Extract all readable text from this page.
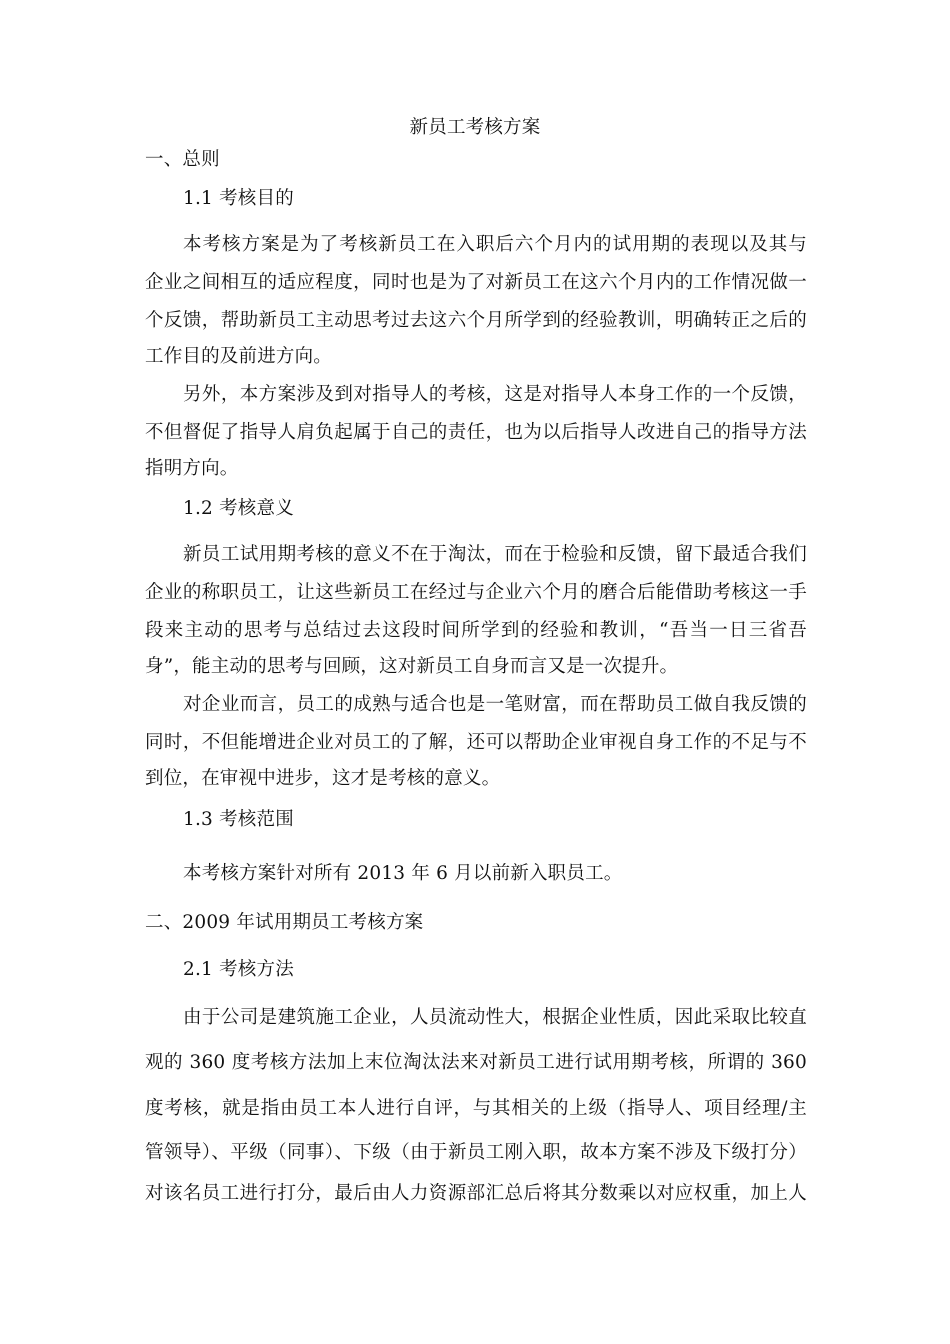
新员工考核方案
一、总则
1.1 考核目的
本考核方案是为了考核新员工在入职后六个月内的试用期的表现以及其与
企业之间相互的适应程度，同时也是为了对新员工在这六个月内的工作情况做一
个反馈，帮助新员工主动思考过去这六个月所学到的经验教训，明确转正之后的
工作目的及前进方向。
另外，本方案涉及到对指导人的考核，这是对指导人本身工作的一个反馈，
不但督促了指导人肩负起属于自己的责任，也为以后指导人改进自己的指导方法
指明方向。
1.2 考核意义
新员工试用期考核的意义不在于淘汰，而在于检验和反馈，留下最适合我们
企业的称职员工，让这些新员工在经过与企业六个月的磨合后能借助考核这一手
段来主动的思考与总结过去这段时间所学到的经验和教训，“吾当一日三省吾
身”，能主动的思考与回顾，这对新员工自身而言又是一次提升。
对企业而言，员工的成熟与适合也是一笔财富，而在帮助员工做自我反馈的
同时，不但能增进企业对员工的了解，还可以帮助企业审视自身工作的不足与不
到位，在审视中进步，这才是考核的意义。
1.3 考核范围
本考核方案针对所有 2013 年 6 月以前新入职员工。
二、2009 年试用期员工考核方案
2.1 考核方法
由于公司是建筑施工企业，人员流动性大，根据企业性质，因此采取比较直
观的 360 度考核方法加上末位淘汰法来对新员工进行试用期考核，所谓的 360
度考核，就是指由员工本人进行自评，与其相关的上级（指导人、项目经理/主
管领导）、平级（同事）、下级（由于新员工刚入职，故本方案不涉及下级打分）
对该名员工进行打分，最后由人力资源部汇总后将其分数乘以对应权重，加上人
